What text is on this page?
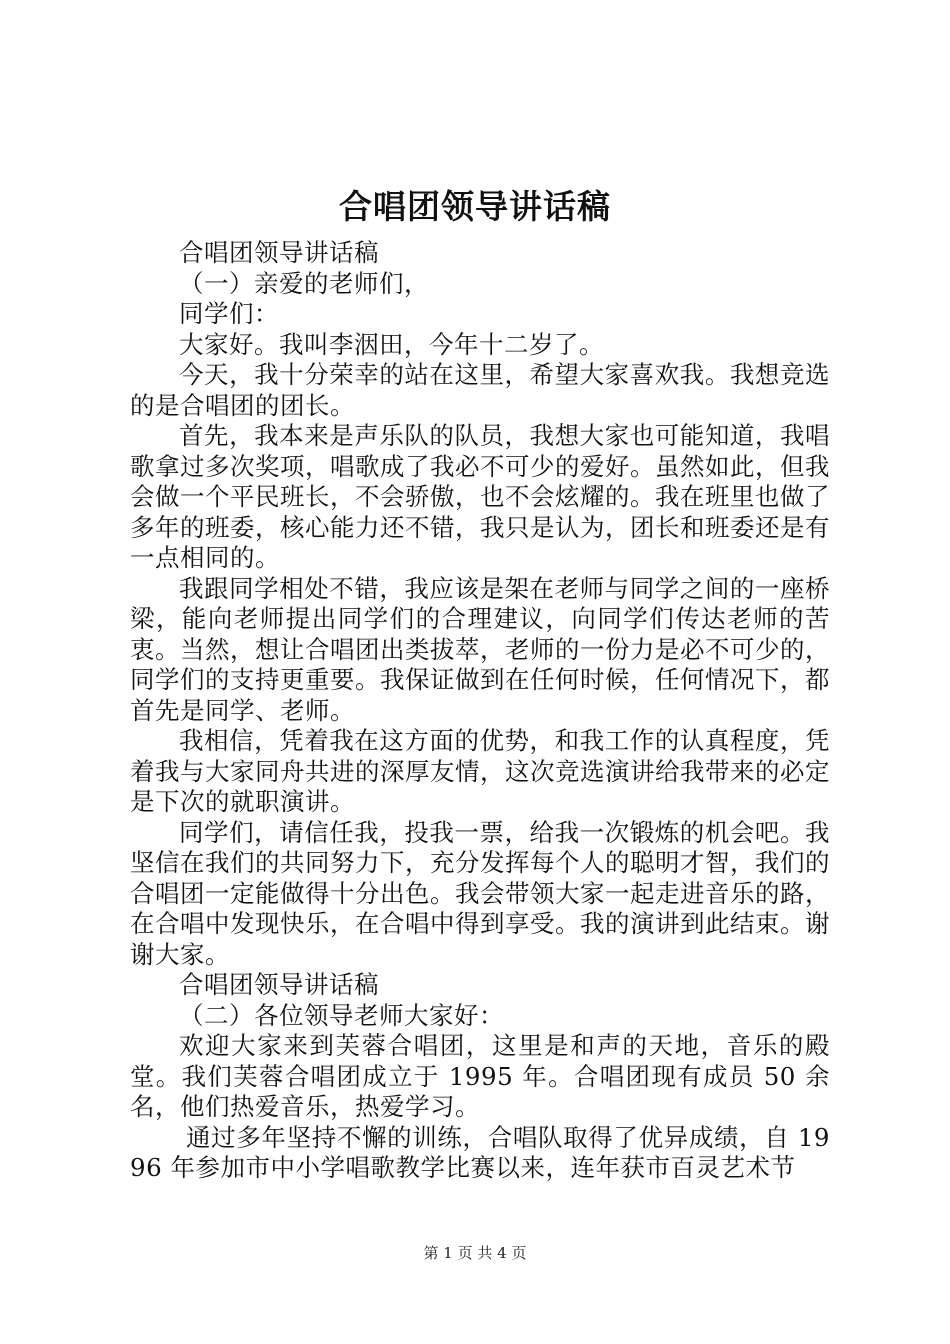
合唱团领导讲话稿

合唱团领导讲话稿

（一）亲爱的老师们，

同学们：

大家好。我叫李洇田，今年十二岁了。

今天，我十分荣幸的站在这里，希望大家喜欢我。我想竞选的是合唱团的团长。

首先，我本来是声乐队的队员，我想大家也可能知道，我唱歌拿过多次奖项，唱歌成了我必不可少的爱好。虽然如此，但我会做一个平民班长，不会骄傲，也不会炫耀的。我在班里也做了多年的班委，核心能力还不错，我只是认为，团长和班委还是有一点相同的。

我跟同学相处不错，我应该是架在老师与同学之间的一座桥梁，能向老师提出同学们的合理建议，向同学们传达老师的苦衷。当然，想让合唱团出类拔萃，老师的一份力是必不可少的，同学们的支持更重要。我保证做到在任何时候，任何情况下，都首先是同学、老师。

我相信，凭着我在这方面的优势，和我工作的认真程度，凭着我与大家同舟共进的深厚友情，这次竞选演讲给我带来的必定是下次的就职演讲。

同学们，请信任我，投我一票，给我一次锻炼的机会吧。我坚信在我们的共同努力下，充分发挥每个人的聪明才智，我们的合唱团一定能做得十分出色。我会带领大家一起走进音乐的路，在合唱中发现快乐，在合唱中得到享受。我的演讲到此结束。谢谢大家。

合唱团领导讲话稿

（二）各位领导老师大家好：

欢迎大家来到芙蓉合唱团，这里是和声的天地，音乐的殿堂。我们芙蓉合唱团成立于 1995 年。合唱团现有成员 50 余名，他们热爱音乐，热爱学习。

通过多年坚持不懈的训练，合唱队取得了优异成绩，自 1996 年参加市中小学唱歌教学比赛以来，连年获市百灵艺术节

第 1 页 共 4 页
